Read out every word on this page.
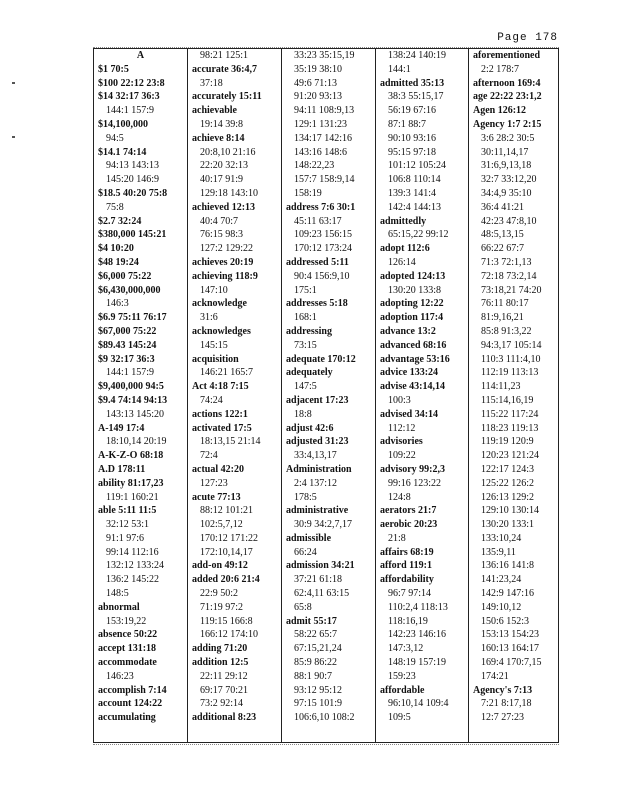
Page 178
A
$1 70:5
$100 22:12 23:8
$14 32:17 36:3
144:1 157:9
$14,100,000
94:5
$14.1 74:14
94:13 143:13
145:20 146:9
$18.5 40:20 75:8
75:8
$2.7 32:24
$380,000 145:21
$4 10:20
$48 19:24
$6,000 75:22
$6,430,000,000
146:3
$6.9 75:11 76:17
$67,000 75:22
$89.43 145:24
$9 32:17 36:3
144:1 157:9
$9,400,000 94:5
$9.4 74:14 94:13
143:13 145:20
A-149 17:4
18:10,14 20:19
A-K-Z-O 68:18
A.D 178:11
ability 81:17,23
119:1 160:21
able 5:11 11:5
32:12 53:1
91:1 97:6
99:14 112:16
132:12 133:24
136:2 145:22
148:5
abnormal
153:19,22
absence 50:22
accept 131:18
accommodate
146:23
accomplish 7:14
account 124:22
accumulating
98:21 125:1
accurate 36:4,7
37:18
accurately 15:11
achievable
19:14 39:8
achieve 8:14
20:8,10 21:16
22:20 32:13
40:17 91:9
129:18 143:10
achieved 12:13
40:4 70:7
76:15 98:3
127:2 129:22
achieves 20:19
achieving 118:9
147:10
acknowledge
31:6
acknowledges
145:15
acquisition
146:21 165:7
Act 4:18 7:15
74:24
actions 122:1
activated 17:5
18:13,15 21:14
72:4
actual 42:20
127:23
acute 77:13
88:12 101:21
102:5,7,12
170:12 171:22
172:10,14,17
add-on 49:12
added 20:6 21:4
22:9 50:2
71:19 97:2
119:15 166:8
166:12 174:10
adding 71:20
addition 12:5
22:11 29:12
69:17 70:21
73:2 92:14
additional 8:23
33:23 35:15,19
35:19 38:10
49:6 71:13
91:20 93:13
94:11 108:9,13
129:1 131:23
134:17 142:16
143:16 148:6
148:22,23
157:7 158:9,14
158:19
address 7:6 30:1
45:11 63:17
109:23 156:15
170:12 173:24
addressed 5:11
90:4 156:9,10
175:1
addresses 5:18
168:1
addressing
73:15
adequate 170:12
adequately
147:5
adjacent 17:23
18:8
adjust 42:6
adjusted 31:23
33:4,13,17
Administration
2:4 137:12
178:5
administrative
30:9 34:2,7,17
admissible
66:24
admission 34:21
37:21 61:18
62:4,11 63:15
65:8
admit 55:17
58:22 65:7
67:15,21,24
85:9 86:22
88:1 90:7
93:12 95:12
97:15 101:9
106:6,10 108:2
138:24 140:19
144:1
admitted 35:13
38:3 55:15,17
56:19 67:16
87:1 88:7
90:10 93:16
95:15 97:18
101:12 105:24
106:8 110:14
139:3 141:4
142:4 144:13
admittedly
65:15,22 99:12
adopt 112:6
126:14
adopted 124:13
130:20 133:8
adopting 12:22
adoption 117:4
advance 13:2
advanced 68:16
advantage 53:16
advice 133:24
advise 43:14,14
100:3
advised 34:14
112:12
advisories
109:22
advisory 99:2,3
99:16 123:22
124:8
aerators 21:7
aerobic 20:23
21:8
affairs 68:19
afford 119:1
affordability
96:7 97:14
110:2,4 118:13
118:16,19
142:23 146:16
147:3,12
148:19 157:19
159:23
affordable
96:10,14 109:4
109:5
aforementioned
2:2 178:7
afternoon 169:4
age 22:22 23:1,2
Agen 126:12
Agency 1:7 2:15
3:6 28:2 30:5
30:11,14,17
31:6,9,13,18
32:7 33:12,20
34:4,9 35:10
36:4 41:21
42:23 47:8,10
48:5,13,15
66:22 67:7
71:3 72:1,13
72:18 73:2,14
73:18,21 74:20
76:11 80:17
81:9,16,21
85:8 91:3,22
94:3,17 105:14
110:3 111:4,10
112:19 113:13
114:11,23
115:14,16,19
115:22 117:24
118:23 119:13
119:19 120:9
120:23 121:24
122:17 124:3
125:22 126:2
126:13 129:2
129:10 130:14
130:20 133:1
133:10,24
135:9,11
136:16 141:8
141:23,24
142:9 147:16
149:10,12
150:6 152:3
153:13 154:23
160:13 164:17
169:4 170:7,15
174:21
Agency's 7:13
7:21 8:17,18
12:7 27:23
